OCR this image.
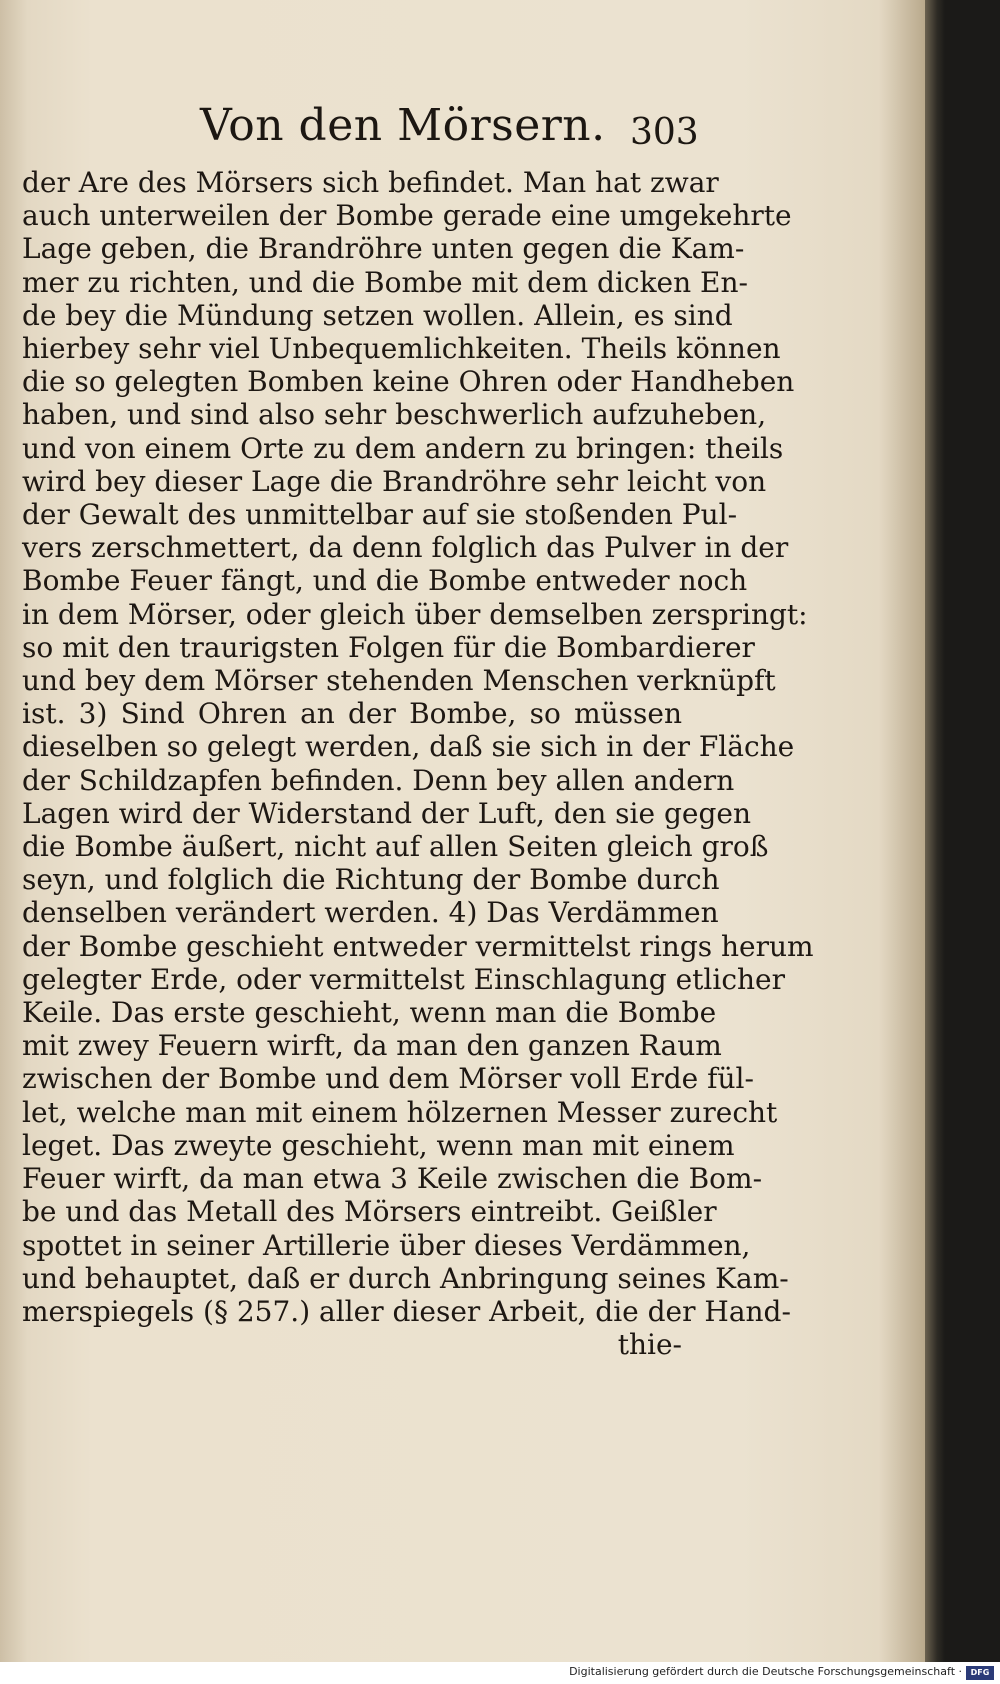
Von den Mörsern. 303
der Are des Mörsers sich befindet. Man hat zwar
auch unterweilen der Bombe gerade eine umgekehrte
Lage geben, die Brandröhre unten gegen die Kam-
mer zu richten, und die Bombe mit dem dicken En-
de bey die Mündung setzen wollen. Allein, es sind
hierbey sehr viel Unbequemlichkeiten. Theils können
die so gelegten Bomben keine Ohren oder Handheben
haben, und sind also sehr beschwerlich aufzuheben,
und von einem Orte zu dem andern zu bringen: theils
wird bey dieser Lage die Brandröhre sehr leicht von
der Gewalt des unmittelbar auf sie stoßenden Pul-
vers zerschmettert, da denn folglich das Pulver in der
Bombe Feuer fängt, und die Bombe entweder noch
in dem Mörser, oder gleich über demselben zerspringt:
so mit den traurigsten Folgen für die Bombardierer
und bey dem Mörser stehenden Menschen verknüpft
ist. 3) Sind Ohren an der Bombe, so müssen
dieselben so gelegt werden, daß sie sich in der Fläche
der Schildzapfen befinden. Denn bey allen andern
Lagen wird der Widerstand der Luft, den sie gegen
die Bombe äußert, nicht auf allen Seiten gleich groß
seyn, und folglich die Richtung der Bombe durch
denselben verändert werden. 4) Das Verdämmen
der Bombe geschieht entweder vermittelst rings herum
gelegter Erde, oder vermittelst Einschlagung etlicher
Keile. Das erste geschieht, wenn man die Bombe
mit zwey Feuern wirft, da man den ganzen Raum
zwischen der Bombe und dem Mörser voll Erde fül-
let, welche man mit einem hölzernen Messer zurecht
leget. Das zweyte geschieht, wenn man mit einem
Feuer wirft, da man etwa 3 Keile zwischen die Bom-
be und das Metall des Mörsers eintreibt. Geißler
spottet in seiner Artillerie über dieses Verdämmen,
und behauptet, daß er durch Anbringung seines Kam-
merspiegels (§ 257.) aller dieser Arbeit, die der Hand-
thie-
Digitalisierung gefördert durch die Deutsche Forschungsgemeinschaft ·	DFG
